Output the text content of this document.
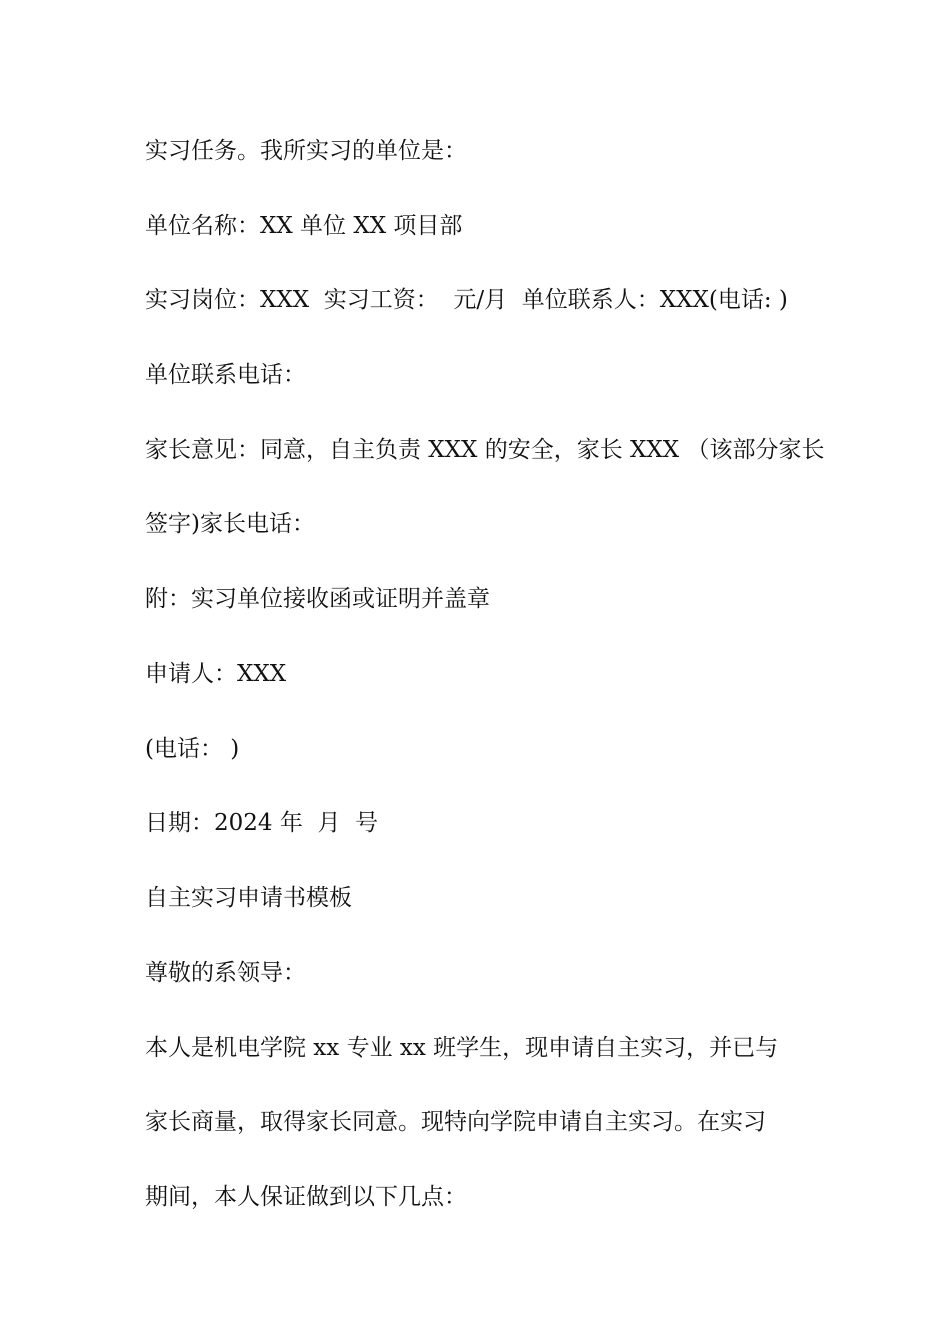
实习任务。我所实习的单位是：

单位名称：XX 单位 XX 项目部

实习岗位：XXX  实习工资：  元/月  单位联系人：XXX(电话: )

单位联系电话：

家长意见：同意，自主负责 XXX 的安全，家长 XXX （该部分家长

签字)家长电话：

附：实习单位接收函或证明并盖章

申请人：XXX

(电话： )

日期：2024 年  月  号

自主实习申请书模板

尊敬的系领导：

本人是机电学院 xx 专业 xx 班学生，现申请自主实习，并已与

家长商量，取得家长同意。现特向学院申请自主实习。在实习

期间，本人保证做到以下几点：
